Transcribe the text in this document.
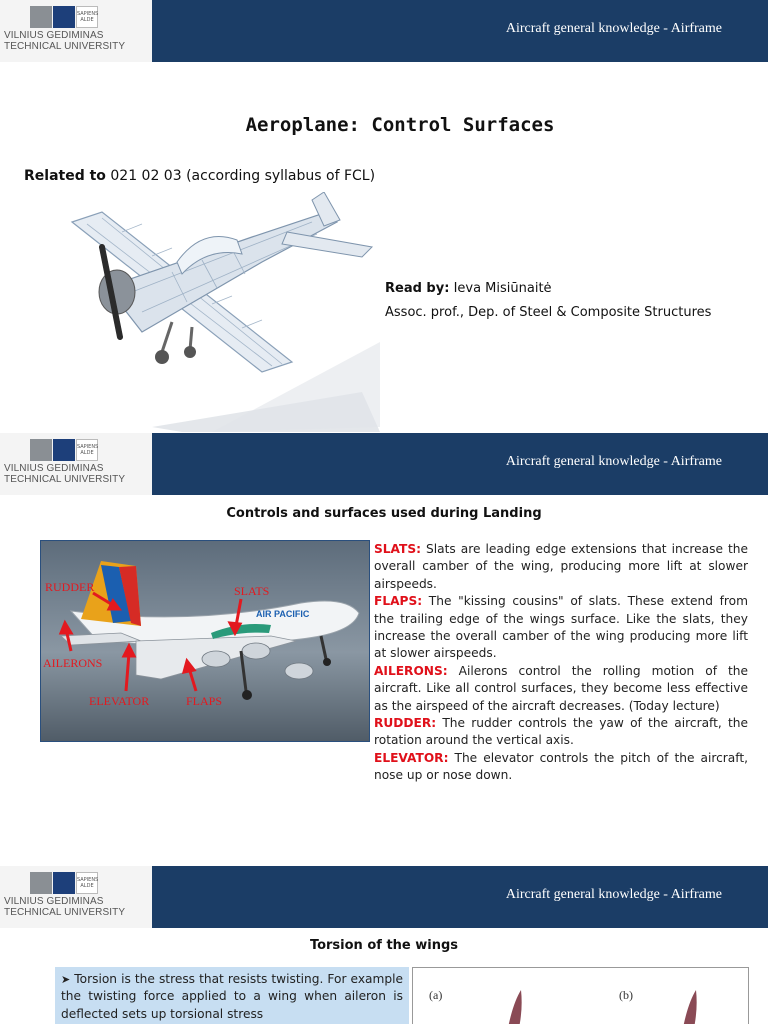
SAPIENS ALDE
VILNIUS GEDIMINAS
TECHNICAL UNIVERSITY
Aircraft general knowledge - Airframe
Aeroplane: Control Surfaces
Related to 021 02 03 (according syllabus of FCL)
Read by: Ieva Misiūnaitė
Assoc. prof., Dep. of Steel & Composite Structures
SAPIENS ALDE
VILNIUS GEDIMINAS
TECHNICAL UNIVERSITY
Aircraft general knowledge - Airframe
Controls and surfaces used during Landing
AIR PACIFIC
RUDDER	SLATS
AILERONS
ELEVATOR	FLAPS

SLATS: Slats are leading edge extensions that increase the overall camber of the wing, producing more lift at slower airspeeds.

FLAPS: The "kissing cousins" of slats. These extend from the trailing edge of the wings surface. Like the slats, they increase the overall camber of the wing producing more lift at slower airspeeds.

AILERONS: Ailerons control the rolling motion of the aircraft. Like all control surfaces, they become less effective as the airspeed of the aircraft decreases. (Today lecture)

RUDDER: The rudder controls the yaw of the aircraft, the rotation around the vertical axis.

ELEVATOR: The elevator controls the pitch of the aircraft, nose up or nose down.

SAPIENS ALDE
VILNIUS GEDIMINAS
TECHNICAL UNIVERSITY
Aircraft general knowledge - Airframe
Torsion of the wings
➤ Torsion is the stress that resists twisting. For example the twisting force applied to a wing when aileron is deflected sets up torsional stress
(a)	(b)
